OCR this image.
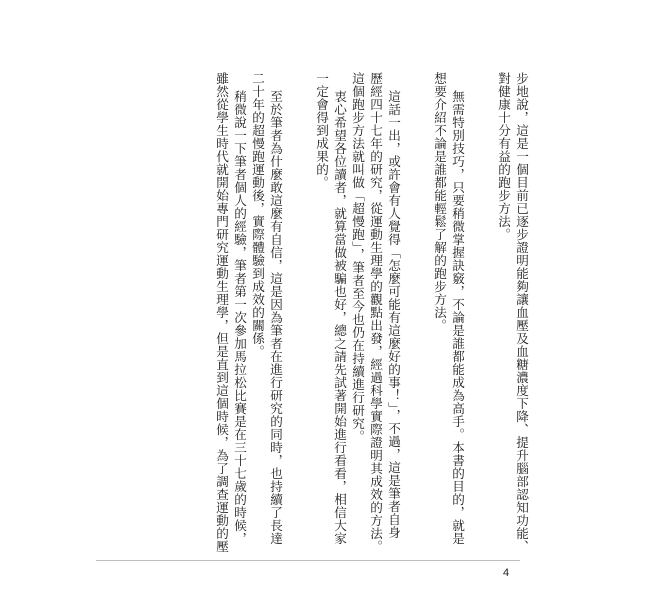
步地說，這是一個目前已逐步證明能夠讓血壓及血糖濃度下降、提升腦部認知功能、
對健康十分有益的跑步方法。
無需特別技巧，只要稍微掌握訣竅，不論是誰都能成為高手。本書的目的，就是
想要介紹不論是誰都能輕鬆了解的跑步方法。
這話一出，或許會有人覺得「怎麼可能有這麼好的事！」，不過，這是筆者自身
歷經四十七年的研究，從運動生理學的觀點出發，經過科學實際證明其成效的方法。
這個跑步方法就叫做「超慢跑」，筆者至今也仍在持續進行研究。
衷心希望各位讀者，就算當做被騙也好，總之請先試著開始進行看看，相信大家
一定會得到成果的。
至於筆者為什麼敢這麼有自信，這是因為筆者在進行研究的同時，也持續了長達
二十年的超慢跑運動後，實際體驗到成效的關係。
稍微說一下筆者個人的經驗，筆者第一次參加馬拉松比賽是在三十七歲的時候，
雖然從學生時代就開始專門研究運動生理學，但是直到這個時候，為了調查運動的壓
4
